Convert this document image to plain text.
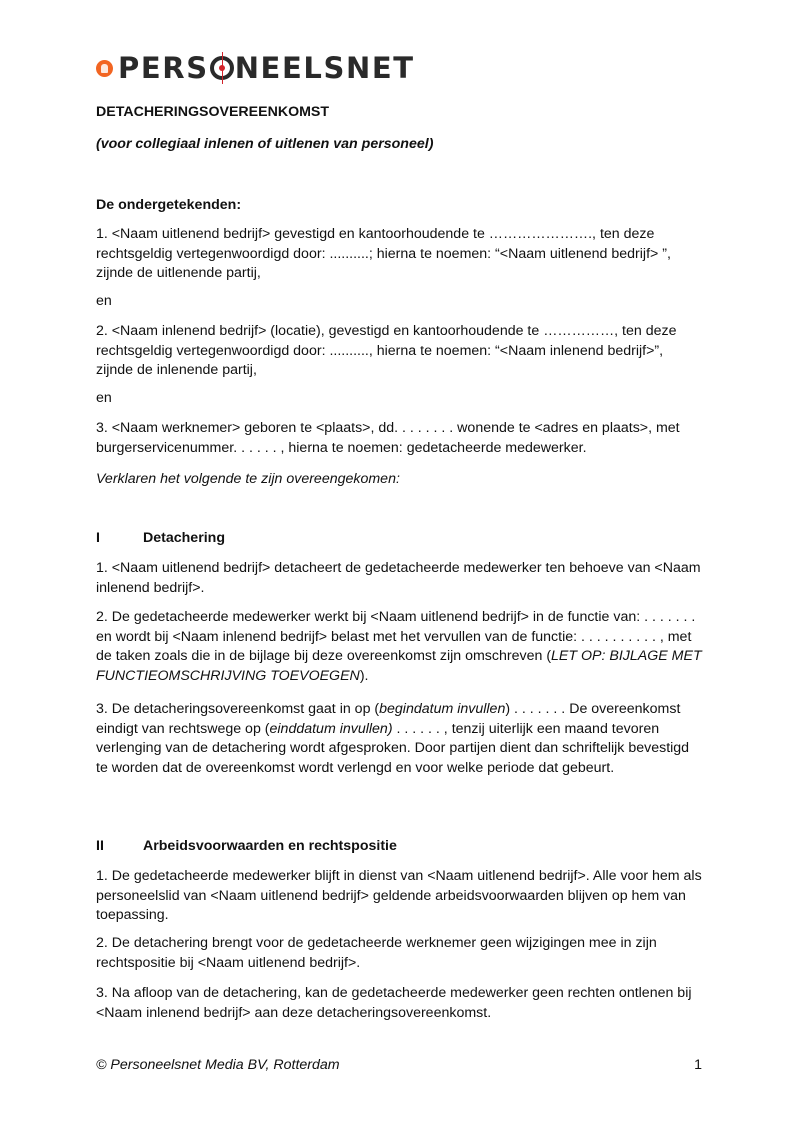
PERS NEELSNET

DETACHERINGSOVEREENKOMST

(voor collegiaal inlenen of uitlenen van personeel)

De ondergetekenden:

1. <Naam uitlenend bedrijf> gevestigd en kantoorhoudende te …………………., ten deze rechtsgeldig vertegenwoordigd door: ..........; hierna te noemen: “<Naam uitlenend bedrijf> ”, zijnde de uitlenende partij,

en

2. <Naam inlenend bedrijf> (locatie), gevestigd en kantoorhoudende te ……………, ten deze rechtsgeldig vertegenwoordigd door: .........., hierna te noemen: “<Naam inlenend bedrijf>”, zijnde de inlenende partij,

en

3. <Naam werknemer> geboren te <plaats>, dd. . . . . . . . wonende te <adres en plaats>, met burgerservicenummer. . . . . . , hierna te noemen: gedetacheerde medewerker.

Verklaren het volgende te zijn overeengekomen:

I	Detachering

1. <Naam uitlenend bedrijf> detacheert de gedetacheerde medewerker ten behoeve van <Naam inlenend bedrijf>.

2. De gedetacheerde medewerker werkt bij <Naam uitlenend bedrijf> in de functie van: . . . . . . . en wordt bij <Naam inlenend bedrijf> belast met het vervullen van de functie: . . . . . . . . . . , met de taken zoals die in de bijlage bij deze overeenkomst zijn omschreven (LET OP: BIJLAGE MET FUNCTIEOMSCHRIJVING TOEVOEGEN).

3. De detacheringsovereenkomst gaat in op (begindatum invullen) . . . . . . . De overeenkomst eindigt van rechtswege op (einddatum invullen) . . . . . . , tenzij uiterlijk een maand tevoren verlenging van de detachering wordt afgesproken. Door partijen dient dan schriftelijk bevestigd te worden dat de overeenkomst wordt verlengd en voor welke periode dat gebeurt.

II	Arbeidsvoorwaarden en rechtspositie

1. De gedetacheerde medewerker blijft in dienst van <Naam uitlenend bedrijf>. Alle voor hem als personeelslid van <Naam uitlenend bedrijf> geldende arbeidsvoorwaarden blijven op hem van toepassing.

2. De detachering brengt voor de gedetacheerde werknemer geen wijzigingen mee in zijn rechtspositie bij <Naam uitlenend bedrijf>.

3. Na afloop van de detachering, kan de gedetacheerde medewerker geen rechten ontlenen bij <Naam inlenend bedrijf> aan deze detacheringsovereenkomst.

© Personeelsnet Media BV, Rotterdam	1
